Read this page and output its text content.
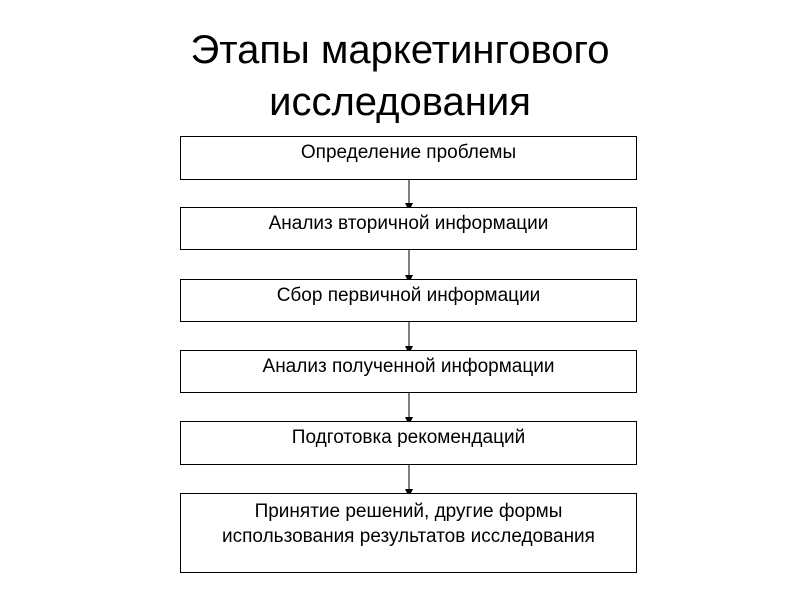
Этапы маркетингового
исследования
Определение проблемы
Анализ вторичной информации
Сбор первичной информации
Анализ полученной информации
Подготовка рекомендаций
Принятие решений, другие формы
использования результатов исследования
